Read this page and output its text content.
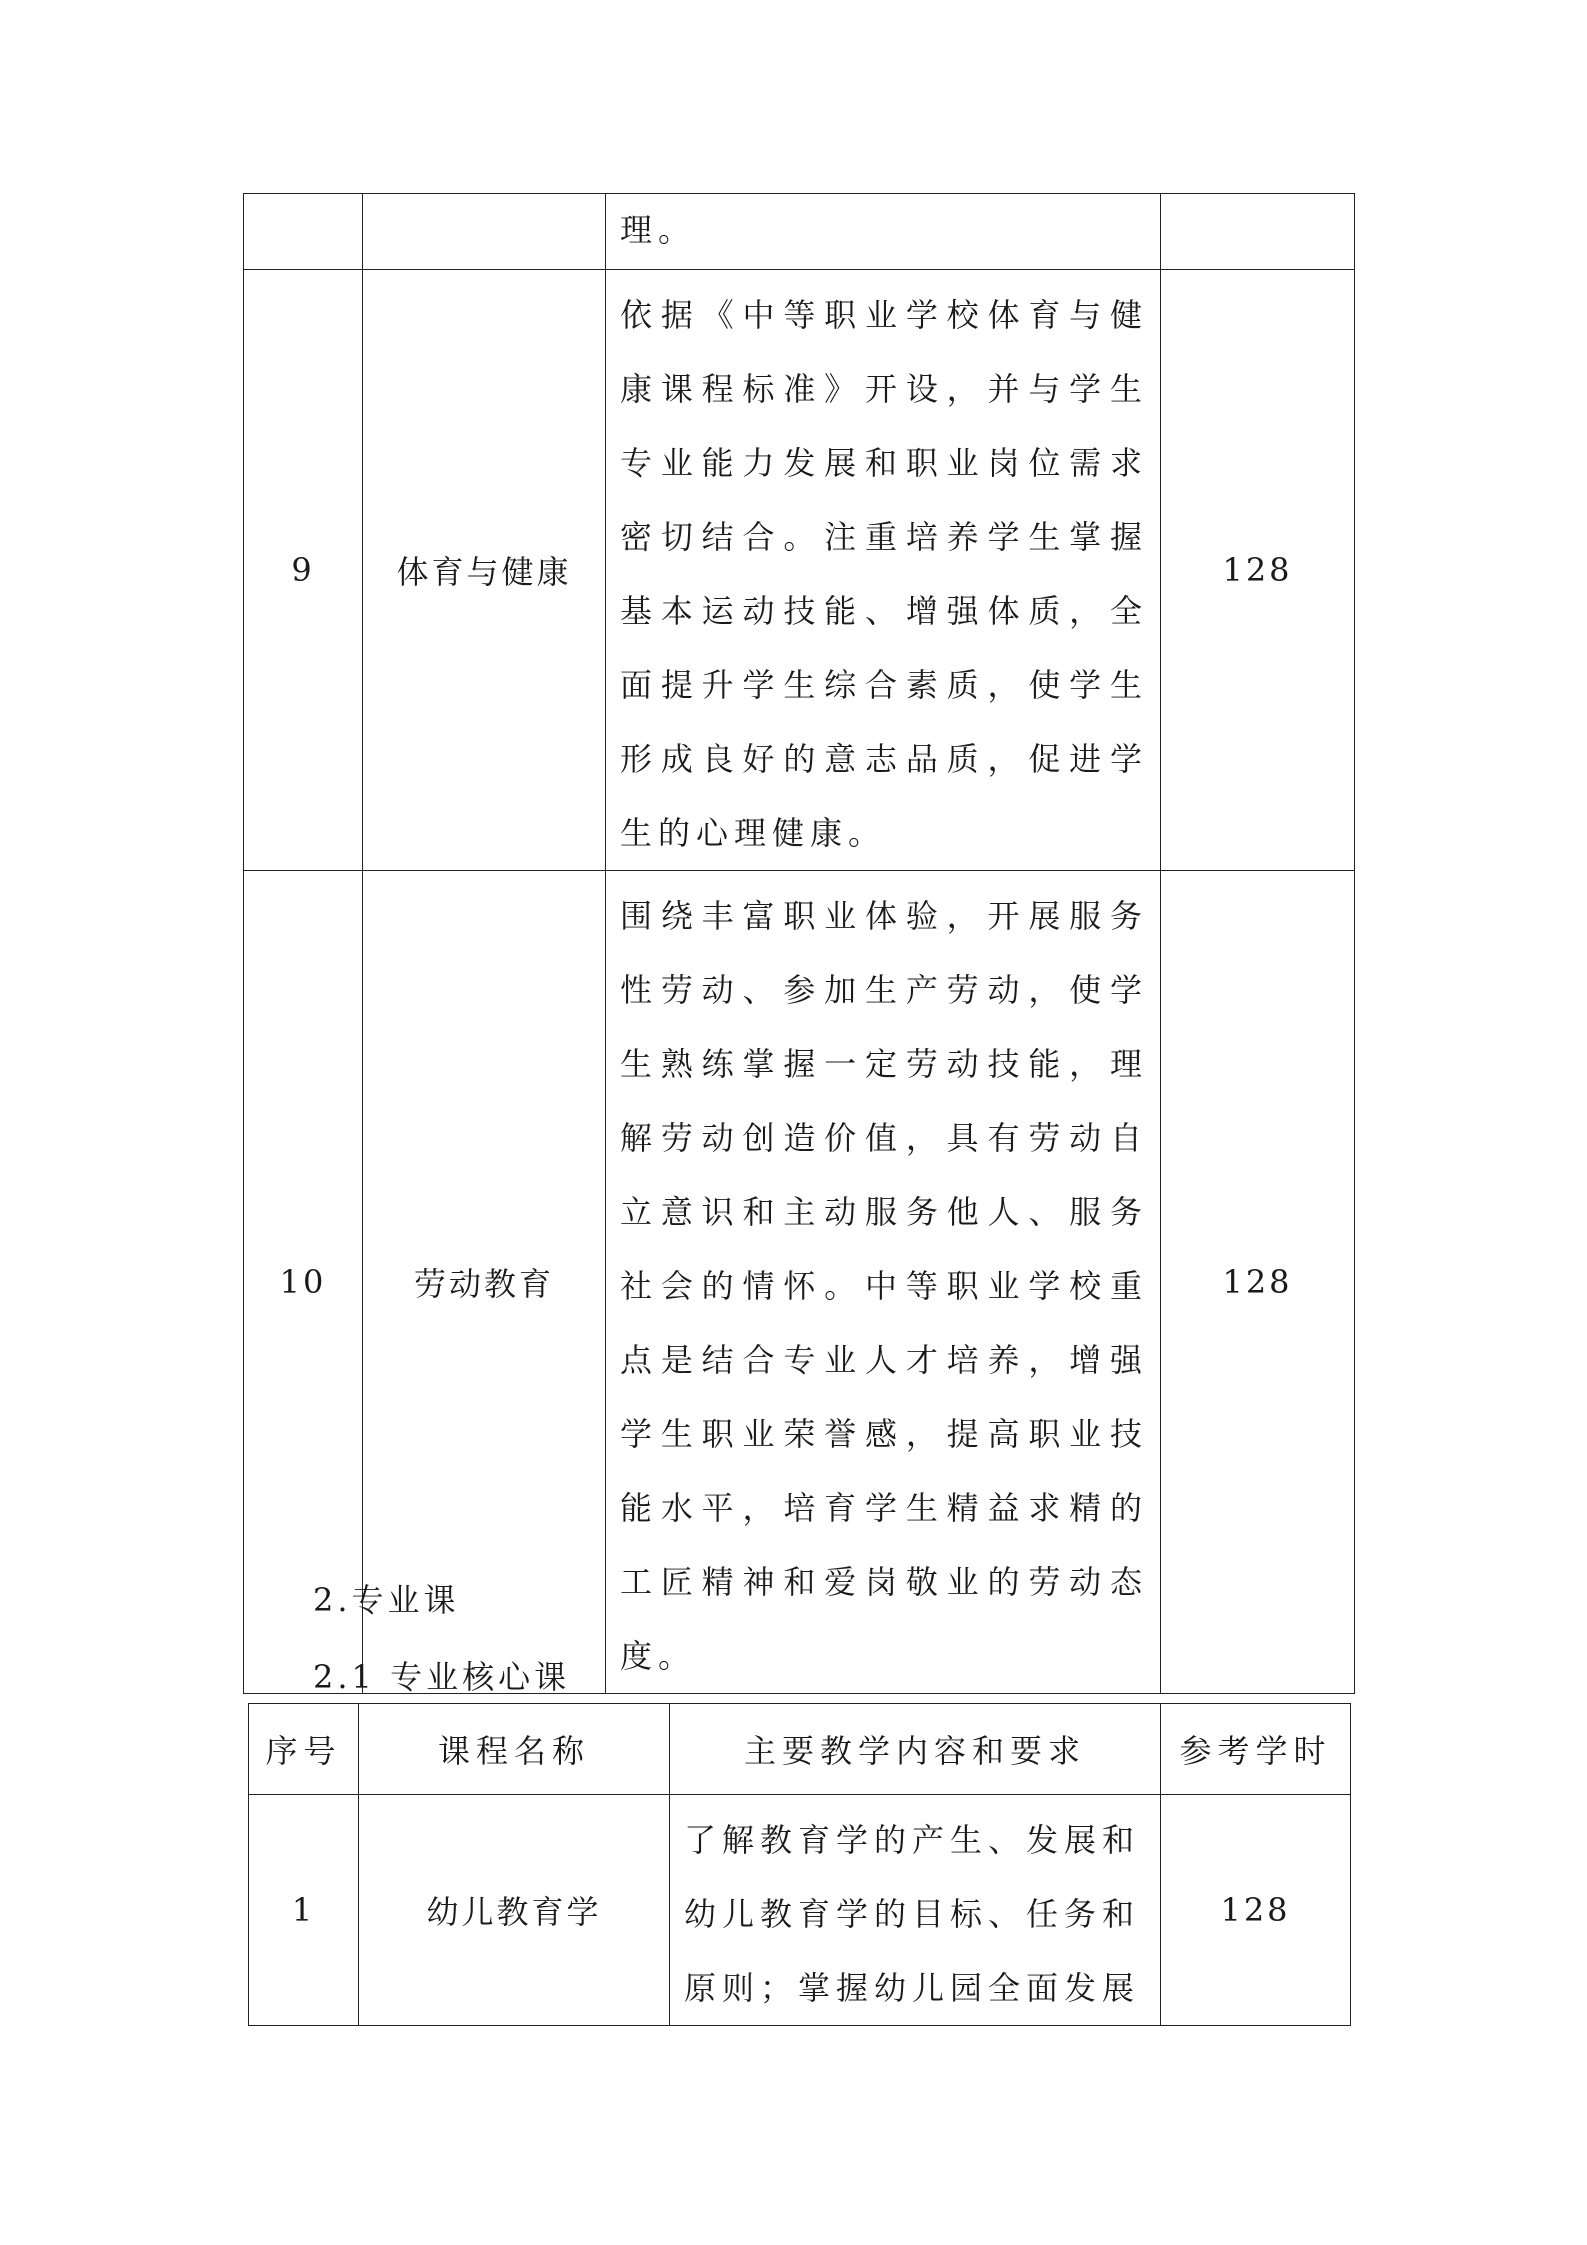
		理。	
9	体育与健康	依据《中等职业学校体育与健康课程标准》开设，并与学生专业能力发展和职业岗位需求密切结合。注重培养学生掌握基本运动技能、增强体质，全面提升学生综合素质，使学生形成良好的意志品质，促进学生的心理健康。	128
10	劳动教育	围绕丰富职业体验，开展服务性劳动、参加生产劳动，使学生熟练掌握一定劳动技能，理解劳动创造价值，具有劳动自立意识和主动服务他人、服务社会的情怀。中等职业学校重点是结合专业人才培养，增强学生职业荣誉感，提高职业技能水平，培育学生精益求精的工匠精神和爱岗敬业的劳动态度。	128
2.专业课
2.1 专业核心课
序号	课程名称	主要教学内容和要求	参考学时
1	幼儿教育学	了解教育学的产生、发展和幼儿教育学的目标、任务和原则；掌握幼儿园全面发展	128
